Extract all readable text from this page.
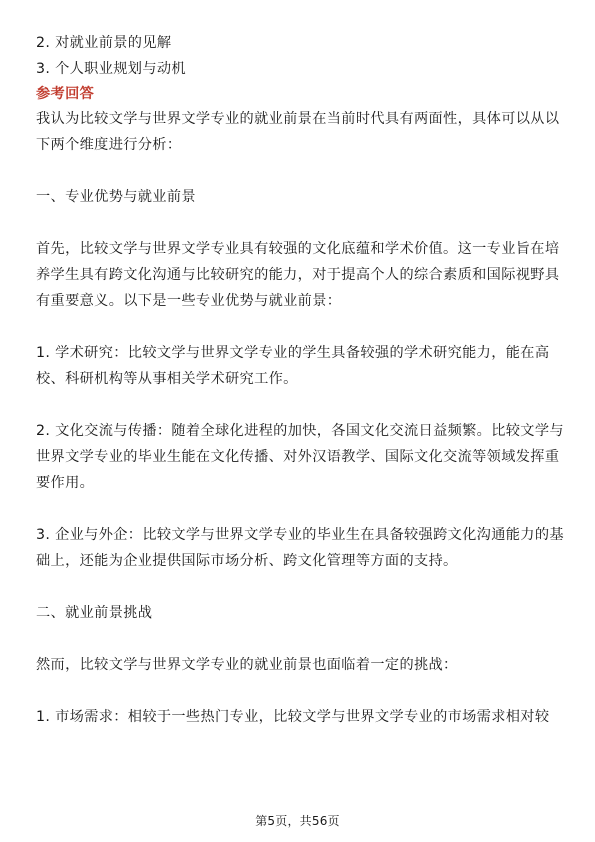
2. 对就业前景的见解

3. 个人职业规划与动机

参考回答

我认为比较文学与世界文学专业的就业前景在当前时代具有两面性，具体可以从以

下两个维度进行分析：

一、专业优势与就业前景

首先，比较文学与世界文学专业具有较强的文化底蕴和学术价值。这一专业旨在培

养学生具有跨文化沟通与比较研究的能力，对于提高个人的综合素质和国际视野具

有重要意义。以下是一些专业优势与就业前景：

1. 学术研究：比较文学与世界文学专业的学生具备较强的学术研究能力，能在高

校、科研机构等从事相关学术研究工作。

2. 文化交流与传播：随着全球化进程的加快，各国文化交流日益频繁。比较文学与

世界文学专业的毕业生能在文化传播、对外汉语教学、国际文化交流等领域发挥重

要作用。

3. 企业与外企：比较文学与世界文学专业的毕业生在具备较强跨文化沟通能力的基

础上，还能为企业提供国际市场分析、跨文化管理等方面的支持。

二、就业前景挑战

然而，比较文学与世界文学专业的就业前景也面临着一定的挑战：

1. 市场需求：相较于一些热门专业，比较文学与世界文学专业的市场需求相对较

第5页，共56页
